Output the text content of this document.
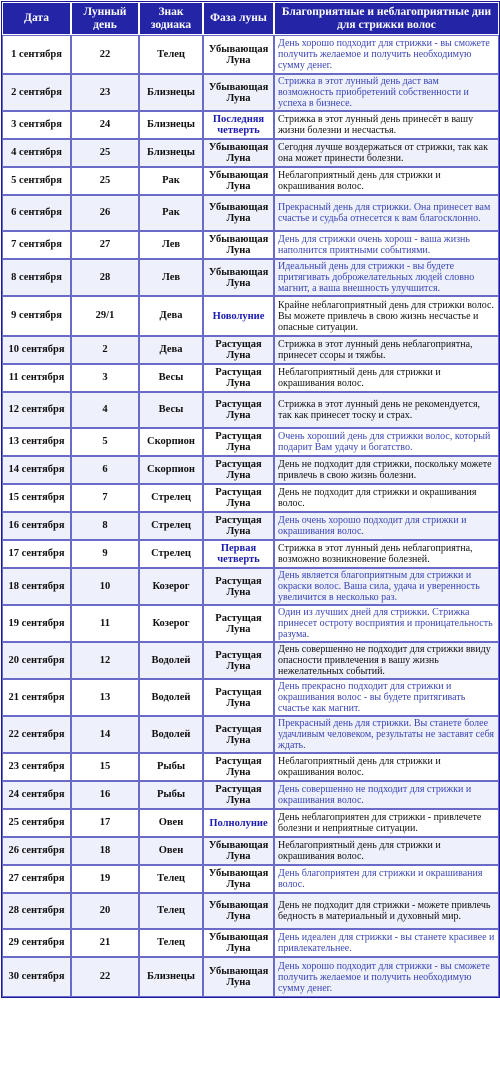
Дата	Лунный день	Знак зодиака	Фаза луны	Благоприятные и неблагоприятные дни для стрижки волос
1 сентября	22	Телец	Убывающая Луна	День хорошо подходит для стрижки - вы сможете получить желаемое и получить необходимую сумму денег.
2 сентября	23	Близнецы	Убывающая Луна	Стрижка в этот лунный день даст вам возможность приобретений собственности и успеха в бизнесе.
3 сентября	24	Близнецы	Последняя четверть	Стрижка в этот лунный день принесёт в вашу жизни болезни и несчастья.
4 сентября	25	Близнецы	Убывающая Луна	Сегодня лучше воздержаться от стрижки, так как она может принести болезни.
5 сентября	25	Рак	Убывающая Луна	Неблагоприятный день для стрижки и окрашивания волос.
6 сентября	26	Рак	Убывающая Луна	Прекрасный день для стрижки. Она принесет вам счастье и судьба отнесется к вам благосклонно.
7 сентября	27	Лев	Убывающая Луна	День для стрижки очень хорош - ваша жизнь наполнится приятными событиями.
8 сентября	28	Лев	Убывающая Луна	Идеальный день для стрижки - вы будете притягивать доброжелательных людей словно магнит, а ваша внешность улучшится.
9 сентября	29/1	Дева	Новолуние	Крайне неблагоприятный день для стрижки волос. Вы можете привлечь в свою жизнь несчастье и опасные ситуации.
10 сентября	2	Дева	Растущая Луна	Стрижка в этот лунный день неблагоприятна, принесет ссоры и тяжбы.
11 сентября	3	Весы	Растущая Луна	Неблагоприятный день для стрижки и окрашивания волос.
12 сентября	4	Весы	Растущая Луна	Стрижка в этот лунный день не рекомендуется, так как принесет тоску и страх.
13 сентября	5	Скорпион	Растущая Луна	Очень хороший день для стрижки волос, который подарит Вам удачу и богатство.
14 сентября	6	Скорпион	Растущая Луна	День не подходит для стрижки, поскольку можете привлечь в свою жизнь болезни.
15 сентября	7	Стрелец	Растущая Луна	День не подходит для стрижки и окрашивания волос.
16 сентября	8	Стрелец	Растущая Луна	День очень хорошо подходит для стрижки и окрашивания волос.
17 сентября	9	Стрелец	Первая четверть	Стрижка в этот лунный день неблагоприятна, возможно возникновение болезней.
18 сентября	10	Козерог	Растущая Луна	День является благоприятным для стрижки и окраски волос. Ваша сила, удача и уверенность увеличится в несколько раз.
19 сентября	11	Козерог	Растущая Луна	Один из лучших дней для стрижки. Стрижка принесет остроту восприятия и проницательность разума.
20 сентября	12	Водолей	Растущая Луна	День совершенно не подходит для стрижки ввиду опасности привлечения в вашу жизнь нежелательных событий.
21 сентября	13	Водолей	Растущая Луна	День прекрасно подходит для стрижки и окрашивания волос - вы будете притягивать счастье как магнит.
22 сентября	14	Водолей	Растущая Луна	Прекрасный день для стрижки. Вы станете более удачливым человеком, результаты не заставят себя ждать.
23 сентября	15	Рыбы	Растущая Луна	Неблагоприятный день для стрижки и окрашивания волос.
24 сентября	16	Рыбы	Растущая Луна	День совершенно не подходит для стрижки и окрашивания волос.
25 сентября	17	Овен	Полнолуние	День неблагоприятен для стрижки - привлечете болезни и неприятные ситуации.
26 сентября	18	Овен	Убывающая Луна	Неблагоприятный день для стрижки и окрашивания волос.
27 сентября	19	Телец	Убывающая Луна	День благоприятен для стрижки и окрашивания волос.
28 сентября	20	Телец	Убывающая Луна	День не подходит для стрижки - можете привлечь бедность в материальный и духовный мир.
29 сентября	21	Телец	Убывающая Луна	День идеален для стрижки - вы станете красивее и привлекательнее.
30 сентября	22	Близнецы	Убывающая Луна	День хорошо подходит для стрижки - вы сможете получить желаемое и получить необходимую сумму денег.
